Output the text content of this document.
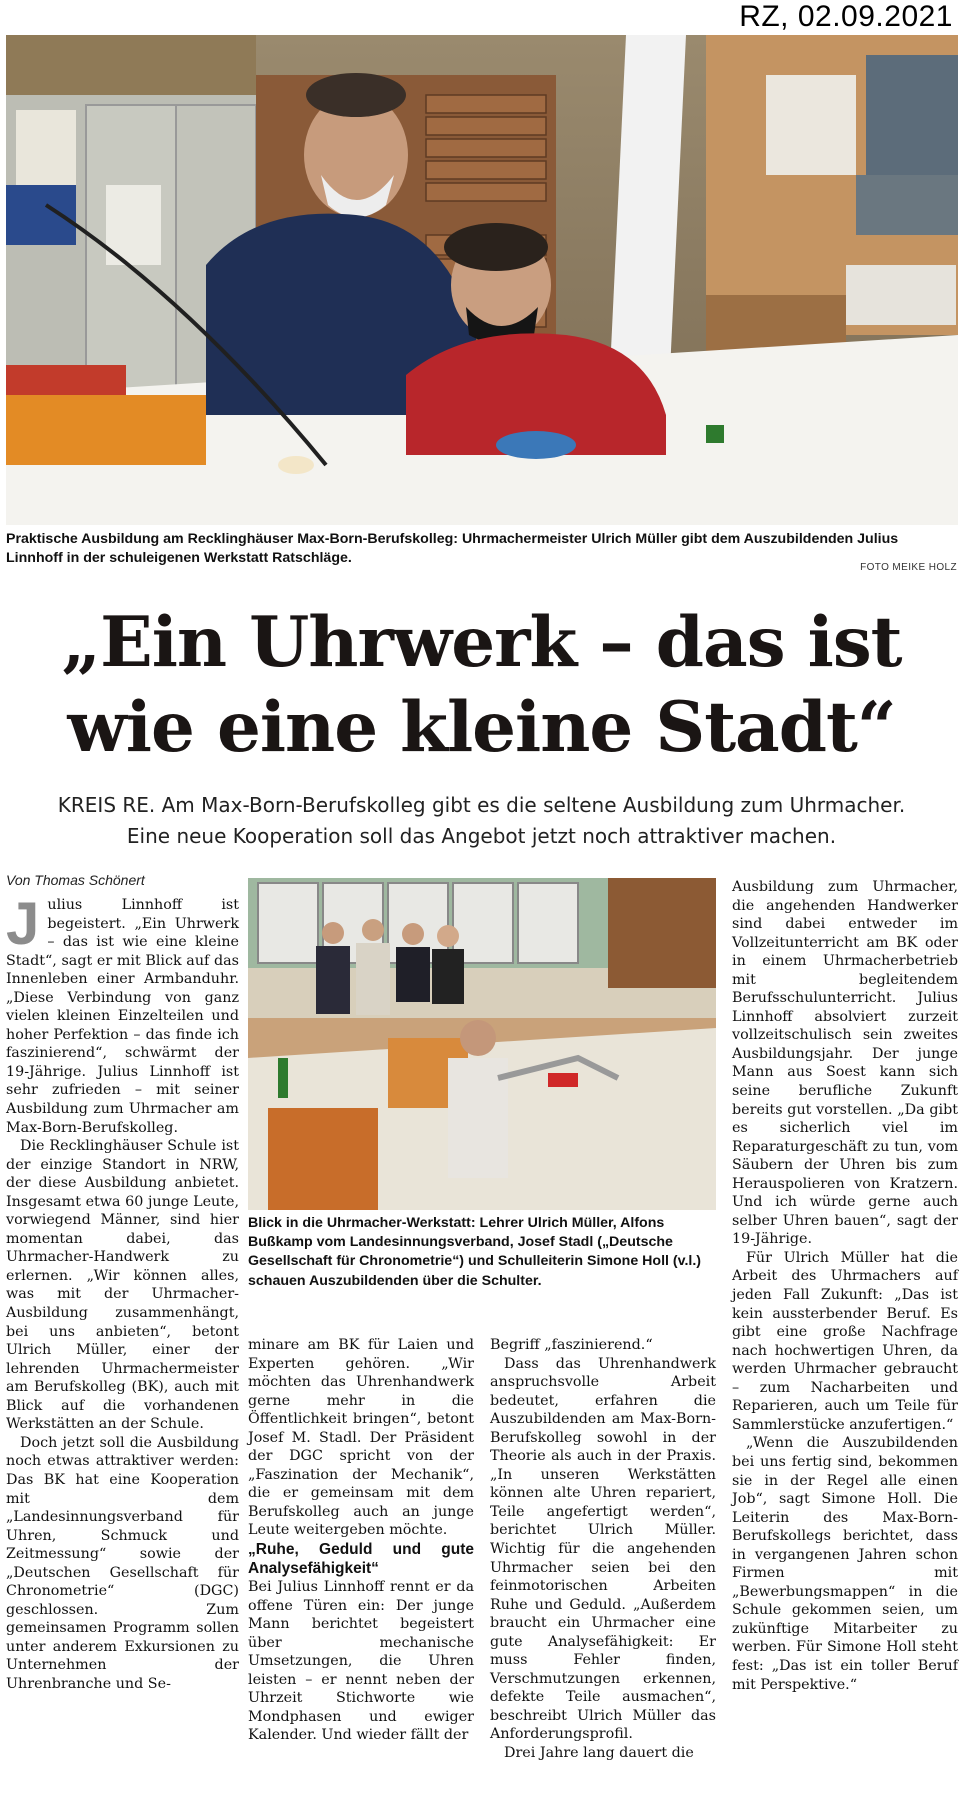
RZ, 02.09.2021
Praktische Ausbildung am Recklinghäuser Max-Born-Berufskolleg: Uhrmachermeister Ulrich Müller gibt dem Auszubildenden Julius Linnhoff in der schuleigenen Werkstatt Ratschläge.
FOTO MEIKE HOLZ
„Ein Uhrwerk – das ist
wie eine kleine Stadt“
KREIS RE. Am Max-Born-Berufskolleg gibt es die seltene Ausbildung zum Uhrmacher.
Eine neue Kooperation soll das Angebot jetzt noch attraktiver machen.
Von Thomas Schönert

Julius Linnhoff ist begeistert. „Ein Uhrwerk – das ist wie eine kleine Stadt“, sagt er mit Blick auf das Innenleben einer Armbanduhr. „Diese Verbindung von ganz vielen kleinen Einzelteilen und hoher Perfektion – das finde ich faszinierend“, schwärmt der 19-Jährige. Julius Linnhoff ist sehr zufrieden – mit seiner Ausbildung zum Uhrmacher am Max-Born-Berufskolleg.

Die Recklinghäuser Schule ist der einzige Standort in NRW, der diese Ausbildung anbietet. Insgesamt etwa 60 junge Leute, vorwiegend Männer, sind hier momentan dabei, das Uhrmacher-Handwerk zu erlernen. „Wir können alles, was mit der Uhrmacher-Ausbildung zusammenhängt, bei uns anbieten“, betont Ulrich Müller, einer der lehrenden Uhrmachermeister am Berufskolleg (BK), auch mit Blick auf die vorhandenen Werkstätten an der Schule.

Doch jetzt soll die Ausbildung noch etwas attraktiver werden: Das BK hat eine Kooperation mit dem „Landesinnungsverband für Uhren, Schmuck und Zeitmessung“ sowie der „Deutschen Gesellschaft für Chronometrie“ (DGC) geschlossen. Zum gemeinsamen Programm sollen unter anderem Exkursionen zu Unternehmen der Uhrenbranche und Se-

Blick in die Uhrmacher-Werkstatt: Lehrer Ulrich Müller, Alfons Bußkamp vom Landesinnungsverband, Josef Stadl („Deutsche Gesellschaft für Chronometrie“) und Schulleiterin Simone Holl (v.l.) schauen Auszubildenden über die Schulter.

minare am BK für Laien und Experten gehören. „Wir möchten das Uhrenhandwerk gerne mehr in die Öffentlichkeit bringen“, betont Josef M. Stadl. Der Präsident der DGC spricht von der „Faszination der Mechanik“, die er gemeinsam mit dem Berufskolleg auch an junge Leute weitergeben möchte.

„Ruhe, Geduld und gute Analysefähigkeit“

Bei Julius Linnhoff rennt er da offene Türen ein: Der junge Mann berichtet begeistert über mechanische Umsetzungen, die Uhren leisten – er nennt neben der Uhrzeit Stichworte wie Mondphasen und ewiger Kalender. Und wieder fällt der

Begriff „faszinierend.“

Dass das Uhrenhandwerk anspruchsvolle Arbeit bedeutet, erfahren die Auszubildenden am Max-Born-Berufskolleg sowohl in der Theorie als auch in der Praxis. „In unseren Werkstätten können alte Uhren repariert, Teile angefertigt werden“, berichtet Ulrich Müller. Wichtig für die angehenden Uhrmacher seien bei den feinmotorischen Arbeiten Ruhe und Geduld. „Außerdem braucht ein Uhrmacher eine gute Analysefähigkeit: Er muss Fehler finden, Verschmutzungen erkennen, defekte Teile ausmachen“, beschreibt Ulrich Müller das Anforderungsprofil.

Drei Jahre lang dauert die

Ausbildung zum Uhrmacher, die angehenden Handwerker sind dabei entweder im Vollzeitunterricht am BK oder in einem Uhrmacherbetrieb mit begleitendem Berufsschulunterricht. Julius Linnhoff absolviert zurzeit vollzeitschulisch sein zweites Ausbildungsjahr. Der junge Mann aus Soest kann sich seine berufliche Zukunft bereits gut vorstellen. „Da gibt es sicherlich viel im Reparaturgeschäft zu tun, vom Säubern der Uhren bis zum Herauspolieren von Kratzern. Und ich würde gerne auch selber Uhren bauen“, sagt der 19-Jährige.

Für Ulrich Müller hat die Arbeit des Uhrmachers auf jeden Fall Zukunft: „Das ist kein aussterbender Beruf. Es gibt eine große Nachfrage nach hochwertigen Uhren, da werden Uhrmacher gebraucht – zum Nacharbeiten und Reparieren, auch um Teile für Sammlerstücke anzufertigen.“

„Wenn die Auszubildenden bei uns fertig sind, bekommen sie in der Regel alle einen Job“, sagt Simone Holl. Die Leiterin des Max-Born-Berufskollegs berichtet, dass in vergangenen Jahren schon Firmen mit „Bewerbungsmappen“ in die Schule gekommen seien, um zukünftige Mitarbeiter zu werben. Für Simone Holl steht fest: „Das ist ein toller Beruf mit Perspektive.“
